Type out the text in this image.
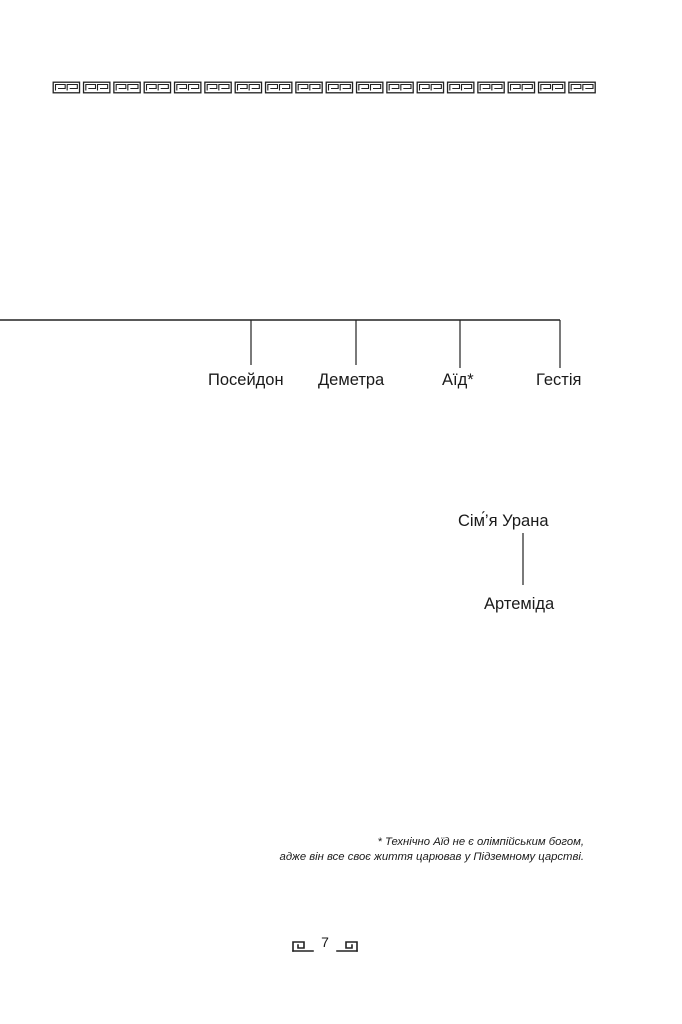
Посейдон Деметра	Аїд*	Гестія
Сім́’я Урана
Артеміда
* Технічно Аїд не є олімпійським богом,
адже він все своє життя царював у Підземному царстві.
7
